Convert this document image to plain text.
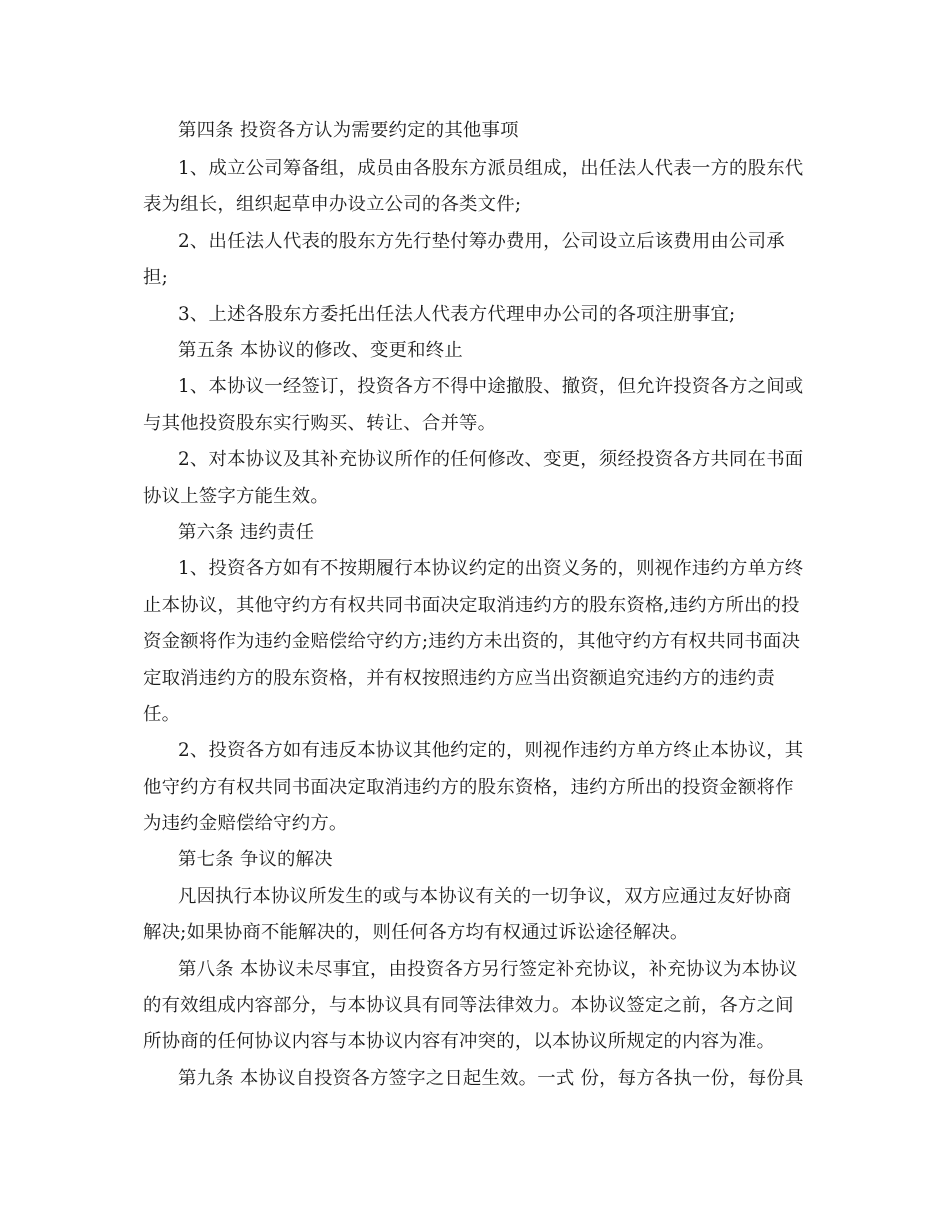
第四条 投资各方认为需要约定的其他事项
1、成立公司筹备组，成员由各股东方派员组成，出任法人代表一方的股东代
表为组长，组织起草申办设立公司的各类文件;
2、出任法人代表的股东方先行垫付筹办费用，公司设立后该费用由公司承
担;
3、上述各股东方委托出任法人代表方代理申办公司的各项注册事宜;
第五条 本协议的修改、变更和终止
1、本协议一经签订，投资各方不得中途撤股、撤资，但允许投资各方之间或
与其他投资股东实行购买、转让、合并等。
2、对本协议及其补充协议所作的任何修改、变更，须经投资各方共同在书面
协议上签字方能生效。
第六条 违约责任
1、投资各方如有不按期履行本协议约定的出资义务的，则视作违约方单方终
止本协议，其他守约方有权共同书面决定取消违约方的股东资格,违约方所出的投
资金额将作为违约金赔偿给守约方;违约方未出资的，其他守约方有权共同书面决
定取消违约方的股东资格，并有权按照违约方应当出资额追究违约方的违约责
任。
2、投资各方如有违反本协议其他约定的，则视作违约方单方终止本协议，其
他守约方有权共同书面决定取消违约方的股东资格，违约方所出的投资金额将作
为违约金赔偿给守约方。
第七条 争议的解决
凡因执行本协议所发生的或与本协议有关的一切争议，双方应通过友好协商
解决;如果协商不能解决的，则任何各方均有权通过诉讼途径解决。
第八条 本协议未尽事宜，由投资各方另行签定补充协议，补充协议为本协议
的有效组成内容部分，与本协议具有同等法律效力。本协议签定之前，各方之间
所协商的任何协议内容与本协议内容有冲突的，以本协议所规定的内容为准。
第九条 本协议自投资各方签字之日起生效。一式 份，每方各执一份，每份具
